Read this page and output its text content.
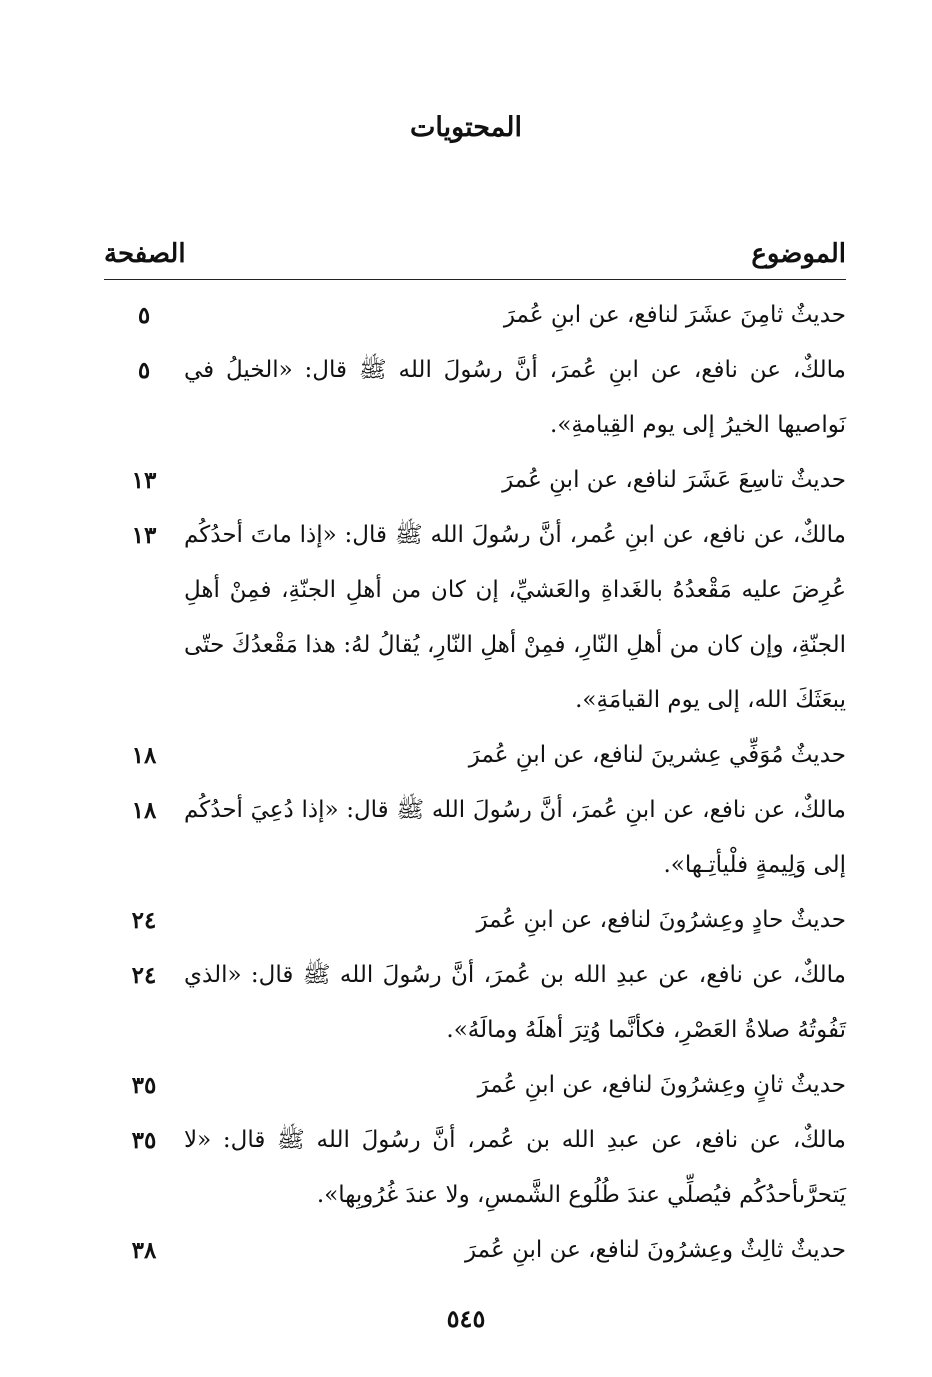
المحتويات
الموضوع
الصفحة
حديثٌ ثامِنَ عشَرَ لنافع، عن ابنِ عُمرَ
٥
مالكٌ، عن نافع، عن ابنِ عُمرَ، أنَّ رسُولَ الله ﷺ قال: «الخيلُ في نَواصيها الخيرُ إلى يوم القِيامةِ».
٥
حديثٌ تاسِعَ عَشَرَ لنافع، عن ابنِ عُمرَ
١٣
مالكٌ، عن نافع، عن ابنِ عُمر، أنَّ رسُولَ الله ﷺ قال: «إذا ماتَ أحدُكُم عُرِضَ عليه مَقْعدُهُ بالغَداةِ والعَشيِّ، إن كان من أهلِ الجنّةِ، فمِنْ أهلِ الجنّةِ، وإن كان من أهلِ النّارِ، فمِنْ أهلِ النّارِ، يُقالُ لهُ: هذا مَقْعدُكَ حتّى يبعَثَكَ الله، إلى يوم القيامَةِ».
١٣
حديثٌ مُوَفِّي عِشرينَ لنافع، عن ابنِ عُمرَ
١٨
مالكٌ، عن نافع، عن ابنِ عُمرَ، أنَّ رسُولَ الله ﷺ قال: «إذا دُعِيَ أحدُكُم إلى وَلِيمةٍ فلْيأتِـها».
١٨
حديثٌ حادٍ وعِشرُونَ لنافع، عن ابنِ عُمرَ
٢٤
مالكٌ، عن نافع، عن عبدِ الله بن عُمرَ، أنَّ رسُولَ الله ﷺ قال: «الذي تَفُوتُهُ صلاةُ العَصْرِ، فكأنَّما وُتِرَ أهلَهُ ومالَهُ».
٢٤
حديثٌ ثانٍ وعِشرُونَ لنافع، عن ابنِ عُمرَ
٣٥
مالكٌ، عن نافع، عن عبدِ الله بن عُمر، أنَّ رسُولَ الله ﷺ قال: «لا يَتحرَّىأحدُكُم فيُصلِّي عندَ طُلُوع الشَّمسِ، ولا عندَ غُرُوبِها».
٣٥
حديثٌ ثالِثٌ وعِشرُونَ لنافع، عن ابنِ عُمرَ
٣٨
٥٤٥
